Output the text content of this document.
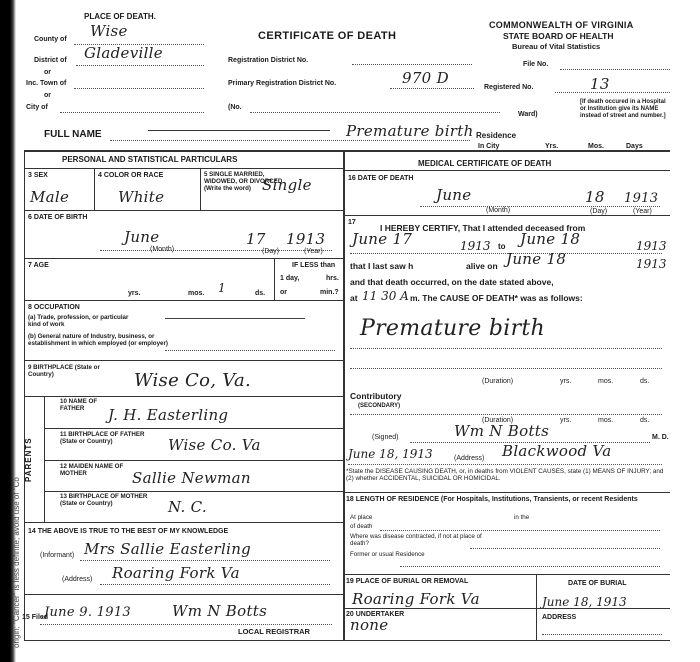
origin; "Cancer" is less definite; avoid use of "Co
PLACE OF DEATH.
County of Wise
District of Gladeville
or
Inc. Town of
or
City of
CERTIFICATE OF DEATH
Registration District No.
Primary Registration District No.	970 D
(No.
Ward)
COMMONWEALTH OF VIRGINIA
STATE BOARD OF HEALTH
Bureau of Vital Statistics
File No.
Registered No.	13
[If death occured in a Hospital or Institution give its NAME instead of street and number.]
FULL NAME	Premature birth Residence
In City	Yrs.	Mos.	Days
PERSONAL AND STATISTICAL PARTICULARS
3 SEX
Male
4 COLOR OR RACE
White
5 SINGLE MARRIED, WIDOWED, OR DIVORCED. (Write the word) Single
6 DATE OF BIRTH
June	17 1913
(Month)	(Day)	(Year)
7 AGE
yrs.	mos. 1	ds.
IF LESS than
1 day,	hrs.
or	min.?
8 OCCUPATION
(a) Trade, profession, or particular kind of work
(b) General nature of Industry, business, or establishment in which employed (or employer)
9 BIRTHPLACE (State or Country)	Wise Co, Va.
PARENTS
10 NAME OF FATHER	J. H. Easterling
11 BIRTHPLACE OF FATHER (State or Country)	Wise Co. Va
12 MAIDEN NAME OF MOTHER	Sallie Newman
13 BIRTHPLACE OF MOTHER (State or Country)	N. C.
14 THE ABOVE IS TRUE TO THE BEST OF MY KNOWLEDGE
(Informant) Mrs Sallie Easterling
(Address) Roaring Fork Va
15 Filed
June 9. 1913	Wm N Botts
LOCAL REGISTRAR
MEDICAL CERTIFICATE OF DEATH
16 DATE OF DEATH
June	18 1913
(Month)	(Day)	(Year)
17
I HEREBY CERTIFY, That I attended deceased from
June 17	1913 to June 18	1913
that I last saw h	alive on June 18	1913
and that death occurred, on the date stated above,
at 11 30 A m. The CAUSE OF DEATH* was as follows:
Premature birth
(Duration)	yrs.	mos.	ds.
Contributory
(SECONDARY)
(Duration)	yrs.	mos.	ds.
(Signed)	Wm N Botts	M. D.
June 18, 1913	(Address) Blackwood Va
*State the DISEASE CAUSING DEATH, or, in deaths from VIOLENT CAUSES, state (1) MEANS OF INJURY; and (2) whether ACCIDENTAL, SUICIDAL OR HOMICIDAL.
18 LENGTH OF RESIDENCE (For Hospitals, Institutions, Transients, or recent Residents
At place	in the
of death
Where was disease contracted, if not at place of death?
Former or usual Residence
19 PLACE OF BURIAL OR REMOVAL
Roaring Fork Va
DATE OF BURIAL
June 18, 1913
20 UNDERTAKER
none	ADDRESS
